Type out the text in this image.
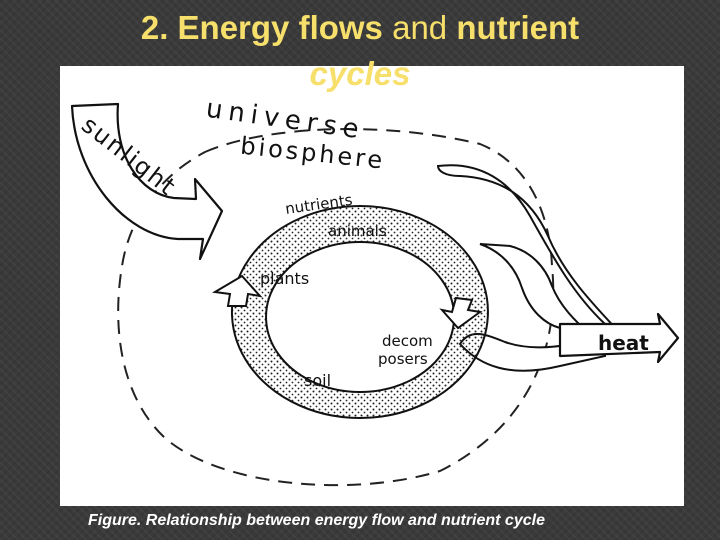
2. Energy flows and nutrient
universe
biosphere
sunlight
nutrients
animals
plants
decom
posers
soil
heat
cycles
Figure. Relationship between energy flow and nutrient cycle
